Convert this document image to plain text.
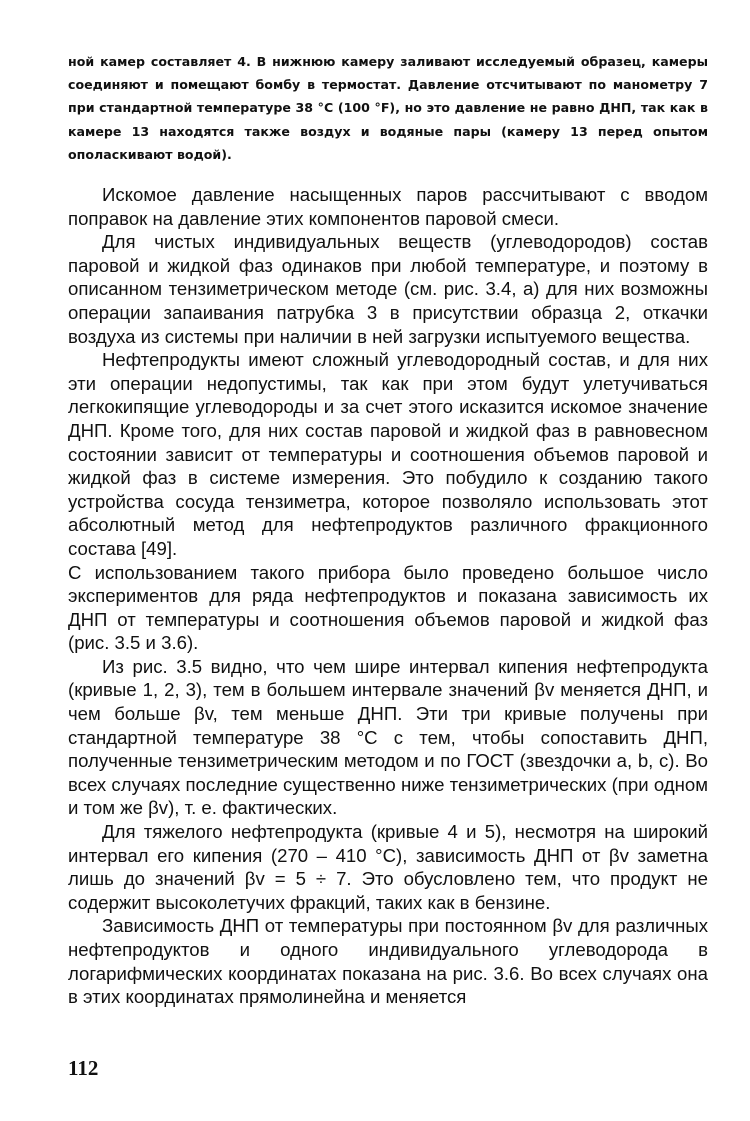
ной камер составляет 4. В нижнюю камеру заливают исследуемый образец, камеры соединяют и помещают бомбу в термостат. Давление отсчитывают по манометру 7 при стандартной температуре 38 °С (100 °F), но это давление не равно ДНП, так как в камере 13 находятся также воздух и водяные пары (камеру 13 перед опытом ополаскивают водой).

Искомое давление насыщенных паров рассчитывают с вводом поправок на давление этих компонентов паровой смеси.

Для чистых индивидуальных веществ (углеводородов) состав паровой и жидкой фаз одинаков при любой температуре, и поэтому в описанном тензиметрическом методе (см. рис. 3.4, а) для них возможны операции запаивания патрубка 3 в присутствии образца 2, откачки воздуха из системы при наличии в ней загрузки испытуемого вещества.

Нефтепродукты имеют сложный углеводородный состав, и для них эти операции недопустимы, так как при этом будут улетучиваться легкокипящие углеводороды и за счет этого исказится искомое значение ДНП. Кроме того, для них состав паровой и жидкой фаз в равновесном состоянии зависит от температуры и соотношения объемов паровой и жидкой фаз в системе измерения. Это побудило к созданию такого устройства сосуда тензиметра, которое позволяло использовать этот абсолютный метод для нефтепродуктов различного фракционного состава [49].

С использованием такого прибора было проведено большое число экспериментов для ряда нефтепродуктов и показана зависимость их ДНП от температуры и соотношения объемов паровой и жидкой фаз (рис. 3.5 и 3.6).

Из рис. 3.5 видно, что чем шире интервал кипения нефтепродукта (кривые 1, 2, 3), тем в большем интервале значений βv меняется ДНП, и чем больше βv, тем меньше ДНП. Эти три кривые получены при стандартной температуре 38 °С с тем, чтобы сопоставить ДНП, полученные тензиметрическим методом и по ГОСТ (звездочки a, b, c). Во всех случаях последние существенно ниже тензиметрических (при одном и том же βv), т. е. фактических.

Для тяжелого нефтепродукта (кривые 4 и 5), несмотря на широкий интервал его кипения (270 – 410 °С), зависимость ДНП от βv заметна лишь до значений βv = 5 ÷ 7. Это обусловлено тем, что продукт не содержит высоколетучих фракций, таких как в бензине.

Зависимость ДНП от температуры при постоянном βv для различных нефтепродуктов и одного индивидуального углеводорода в логарифмических координатах показана на рис. 3.6. Во всех случаях она в этих координатах прямолинейна и меняется

112
